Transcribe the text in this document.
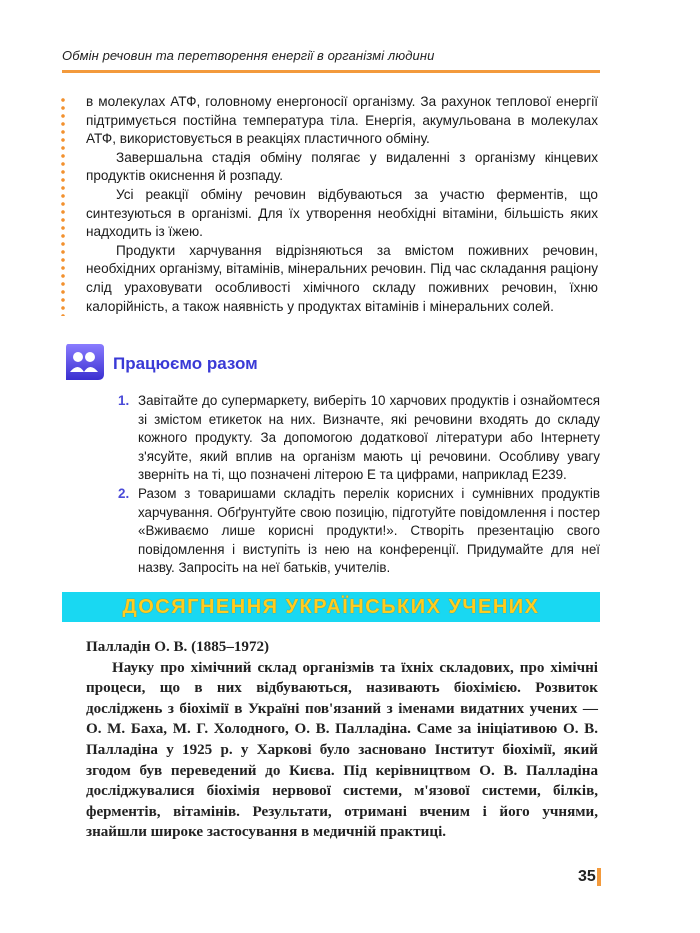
Обмін речовин та перетворення енергії в організмі людини

в молекулах АТФ, головному енергоносії організму. За рахунок теплової енергії підтримується постійна температура тіла. Енергія, акумульована в молекулах АТФ, використовується в реакціях пластичного обміну.

Завершальна стадія обміну полягає у видаленні з організму кінцевих продуктів окиснення й розпаду.

Усі реакції обміну речовин відбуваються за участю ферментів, що синтезуються в організмі. Для їх утворення необхідні вітаміни, більшість яких надходить із їжею.

Продукти харчування відрізняються за вмістом поживних речовин, необхідних організму, вітамінів, мінеральних речовин. Під час складання раціону слід ураховувати особливості хімічного складу поживних речовин, їхню калорійність, а також наявність у продуктах вітамінів і мінеральних солей.

Працюємо разом
1. Завітайте до супермаркету, виберіть 10 харчових продуктів і ознайомтеся зі змістом етикеток на них. Визначте, які речовини входять до складу кожного продукту. За допомогою додаткової літератури або Інтернету з'ясуйте, який вплив на організм мають ці речовини. Особливу увагу зверніть на ті, що позначені літерою Е та цифрами, наприклад Е239.
2. Разом з товаришами складіть перелік корисних і сумнівних продуктів харчування. Обґрунтуйте свою позицію, підготуйте повідомлення і постер «Вживаємо лише корисні продукти!». Створіть презентацію свого повідомлення і виступіть із нею на конференції. Придумайте для неї назву. Запросіть на неї батьків, учителів.
ДОСЯГНЕННЯ УКРАЇНСЬКИХ УЧЕНИХ

Палладін О. В. (1885–1972)

Науку про хімічний склад організмів та їхніх складових, про хімічні процеси, що в них відбуваються, називають біохімією. Розвиток досліджень з біохімії в Україні пов'язаний з іменами видатних учених — О. М. Баха, М. Г. Холодного, О. В. Палладіна. Саме за ініціативою О. В. Палладіна у 1925 р. у Харкові було засновано Інститут біохімії, який згодом був переведений до Києва. Під керівництвом О. В. Палладіна досліджувалися біохімія нервової системи, м'язової системи, білків, ферментів, вітамінів. Результати, отримані вченим і його учнями, знайшли широке застосування в медичній практиці.

35
